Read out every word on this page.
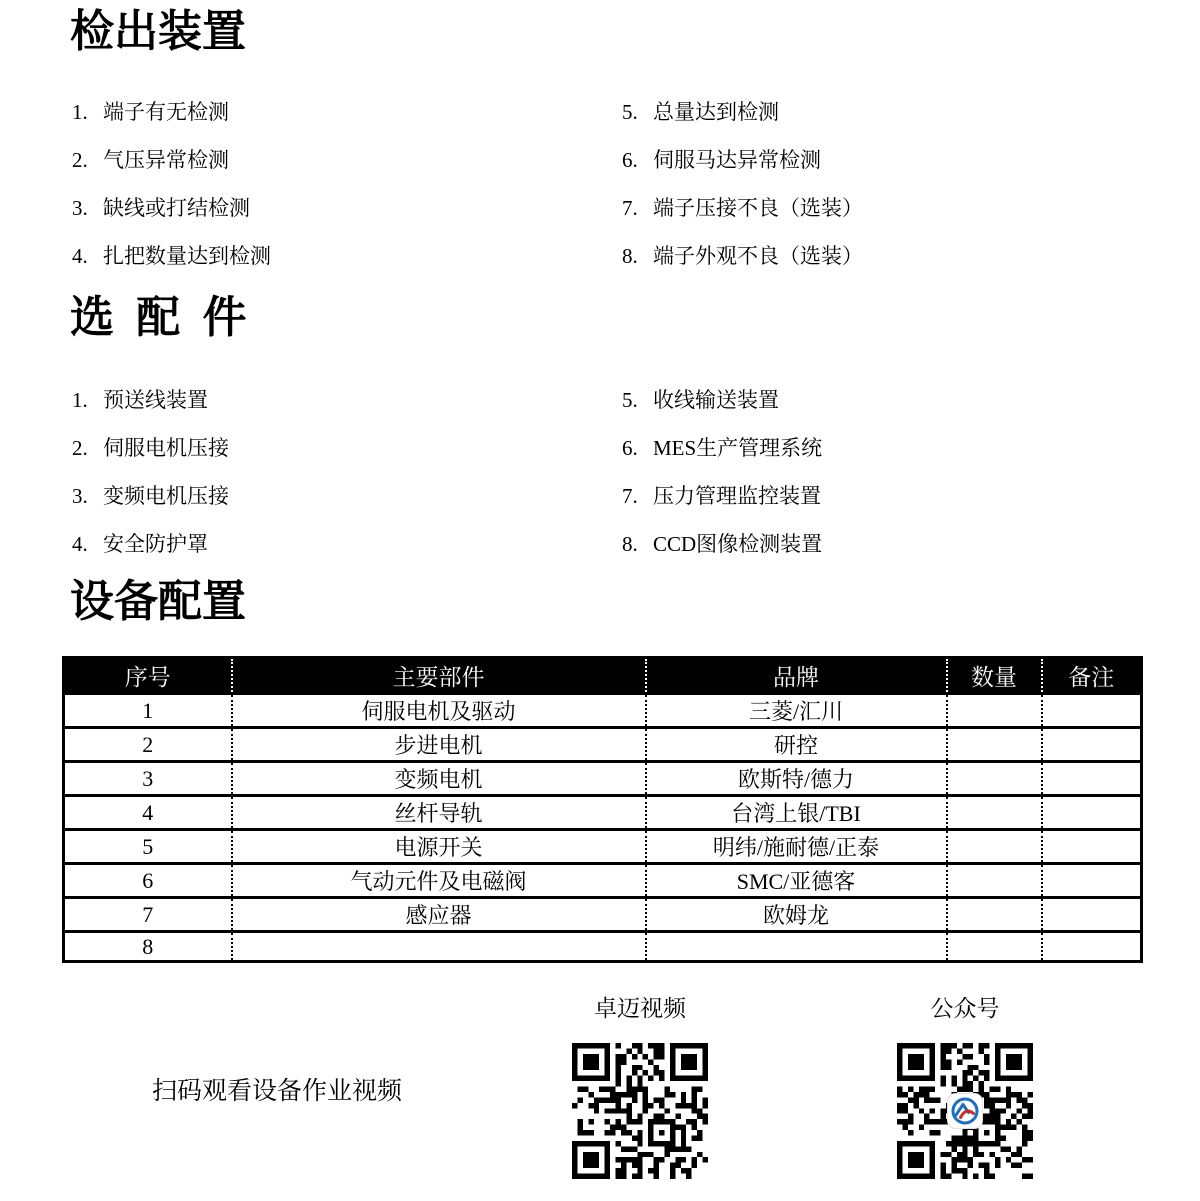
检出装置
1. 端子有无检测
2. 气压异常检测
3. 缺线或打结检测
4. 扎把数量达到检测
5. 总量达到检测
6. 伺服马达异常检测
7. 端子压接不良（选装）
8. 端子外观不良（选装）
选 配 件
1. 预送线装置
2. 伺服电机压接
3. 变频电机压接
4. 安全防护罩
5. 收线输送装置
6. MES生产管理系统
7. 压力管理监控装置
8. CCD图像检测装置
设备配置
序号	主要部件	品牌	数量	备注
1	伺服电机及驱动	三菱/汇川		
2	步进电机	研控		
3	变频电机	欧斯特/德力		
4	丝杆导轨	台湾上银/TBI		
5	电源开关	明纬/施耐德/正泰		
6	气动元件及电磁阀	SMC/亚德客		
7	感应器	欧姆龙		
8				
扫码观看设备作业视频
卓迈视频	公众号
